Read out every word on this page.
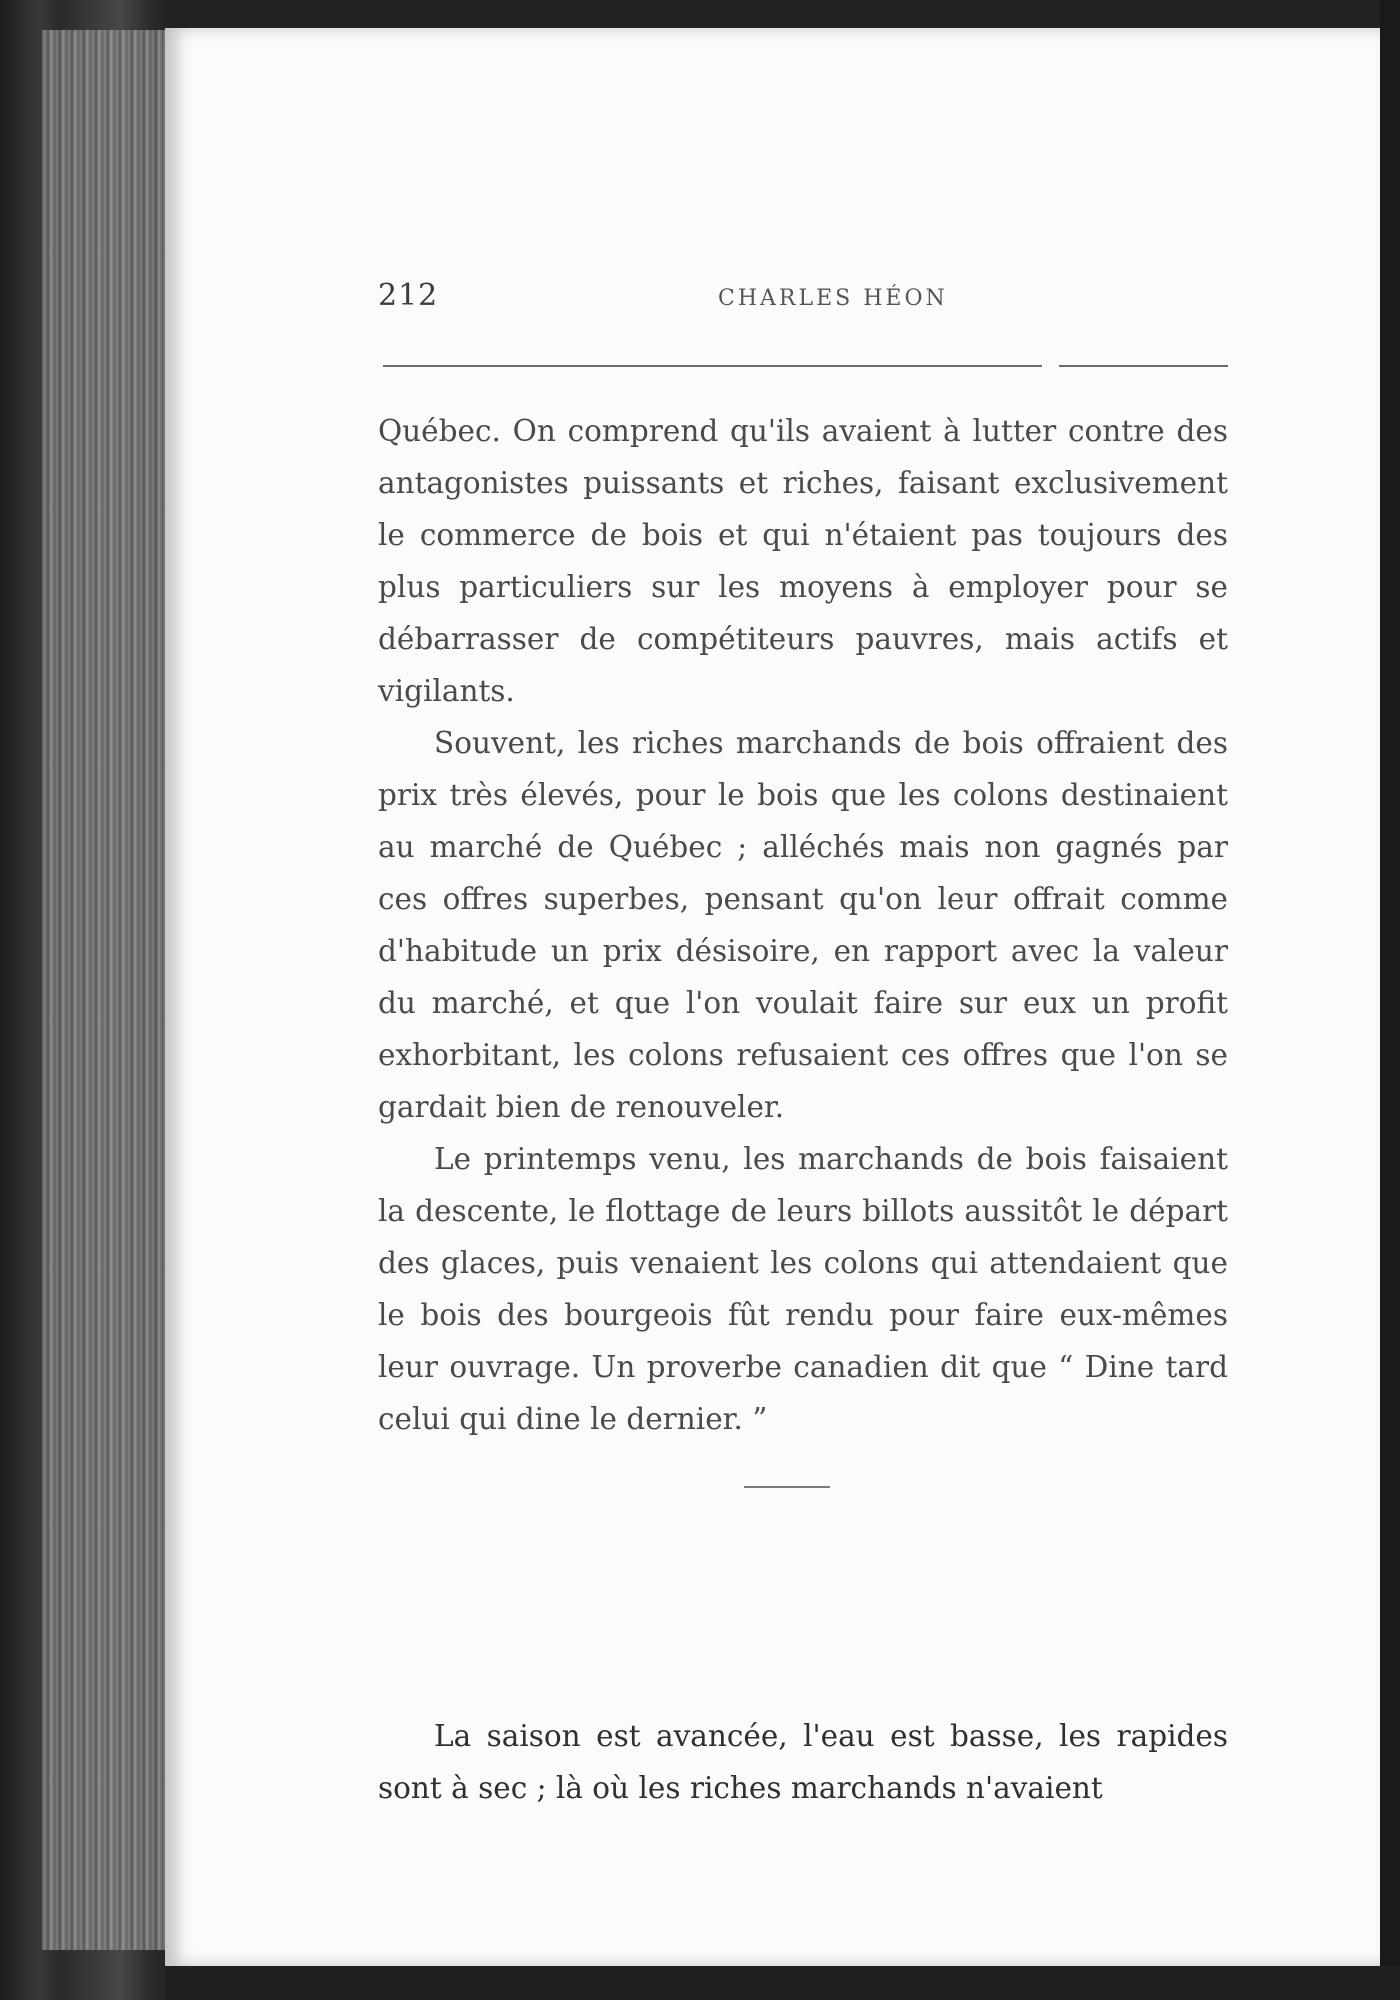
212	CHARLES HÉON

Québec. On comprend qu'ils avaient à lutter contre des antagonistes puissants et riches, faisant exclusivement le commerce de bois et qui n'étaient pas toujours des plus particuliers sur les moyens à employer pour se débarrasser de compétiteurs pauvres, mais actifs et vigilants.

Souvent, les riches marchands de bois offraient des prix très élevés, pour le bois que les colons destinaient au marché de Québec ; alléchés mais non gagnés par ces offres superbes, pensant qu'on leur offrait comme d'habitude un prix désisoire, en rapport avec la valeur du marché, et que l'on voulait faire sur eux un profit exhorbitant, les colons refusaient ces offres que l'on se gardait bien de renouveler.

Le printemps venu, les marchands de bois faisaient la descente, le flottage de leurs billots aussitôt le départ des glaces, puis venaient les colons qui attendaient que le bois des bourgeois fût rendu pour faire eux-mêmes leur ouvrage. Un proverbe canadien dit que “ Dine tard celui qui dine le dernier. ”

La saison est avancée, l'eau est basse, les rapides sont à sec ; là où les riches marchands n'avaient
